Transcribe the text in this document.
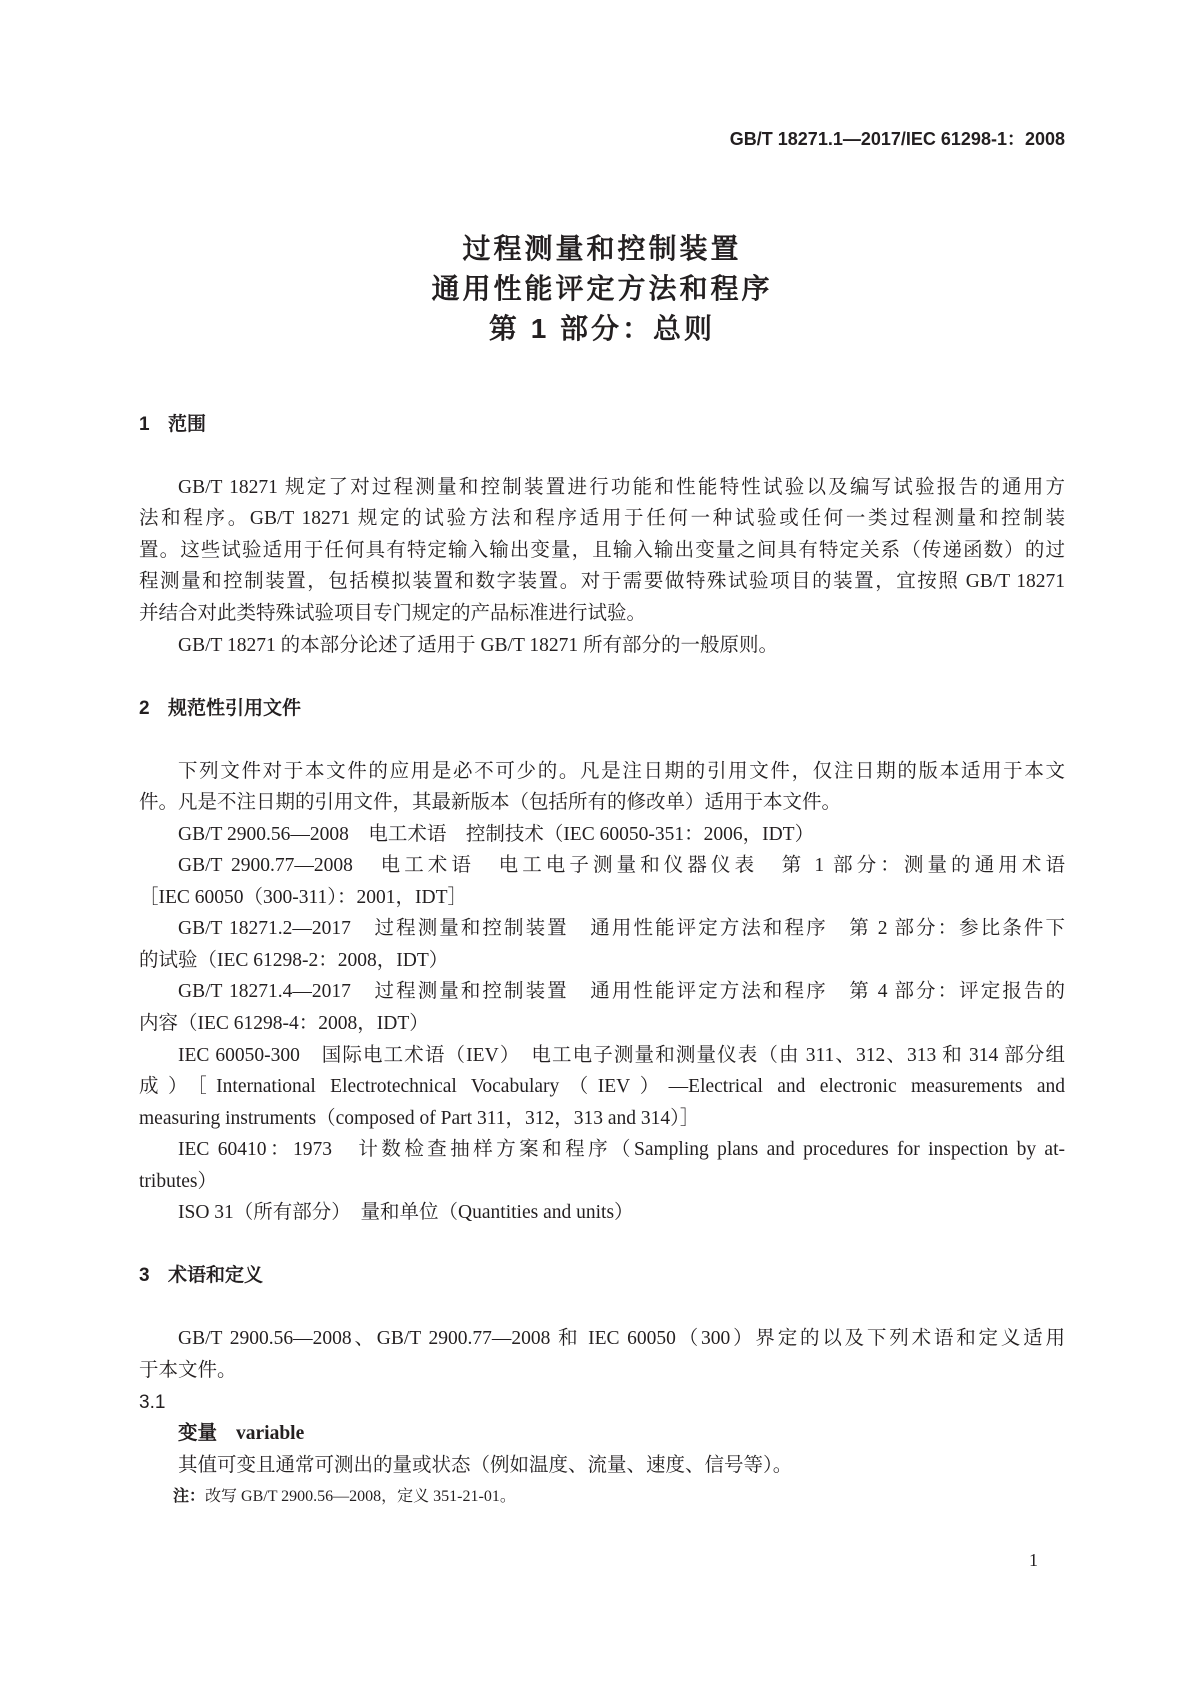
GB/T 18271.1—2017/IEC 61298-1：2008
过程测量和控制装置
通用性能评定方法和程序
第 1 部分：总则
1 范围
GB/T 18271 规定了对过程测量和控制装置进行功能和性能特性试验以及编写试验报告的通用方
法和程序。GB/T 18271 规定的试验方法和程序适用于任何一种试验或任何一类过程测量和控制装
置。这些试验适用于任何具有特定输入输出变量，且输入输出变量之间具有特定关系（传递函数）的过
程测量和控制装置，包括模拟装置和数字装置。对于需要做特殊试验项目的装置，宜按照 GB/T 18271
并结合对此类特殊试验项目专门规定的产品标准进行试验。
GB/T 18271 的本部分论述了适用于 GB/T 18271 所有部分的一般原则。
2 规范性引用文件
下列文件对于本文件的应用是必不可少的。凡是注日期的引用文件，仅注日期的版本适用于本文
件。凡是不注日期的引用文件，其最新版本（包括所有的修改单）适用于本文件。
GB/T 2900.56—2008　电工术语　控制技术（IEC 60050-351：2006，IDT）
GB/T 2900.77—2008　电工术语　电工电子测量和仪器仪表　第 1 部分：测量的通用术语
［IEC 60050（300-311）：2001，IDT］
GB/T 18271.2—2017　过程测量和控制装置　通用性能评定方法和程序　第 2 部分：参比条件下
的试验（IEC 61298-2：2008，IDT）
GB/T 18271.4—2017　过程测量和控制装置　通用性能评定方法和程序　第 4 部分：评定报告的
内容（IEC 61298-4：2008，IDT）
IEC 60050-300　国际电工术语（IEV）　电工电子测量和测量仪表（由 311、312、313 和 314 部分组
成）［International Electrotechnical Vocabulary（IEV）—Electrical and electronic measurements and
measuring instruments（composed of Part 311，312，313 and 314）］
IEC 60410：1973　计数检查抽样方案和程序（Sampling plans and procedures for inspection by at-
tributes）
ISO 31（所有部分）　量和单位（Quantities and units）
3 术语和定义
GB/T 2900.56—2008、GB/T 2900.77—2008 和 IEC 60050（300）界定的以及下列术语和定义适用
于本文件。
3.1
变量 variable
其值可变且通常可测出的量或状态（例如温度、流量、速度、信号等）。
注：改写 GB/T 2900.56—2008，定义 351-21-01。
1
